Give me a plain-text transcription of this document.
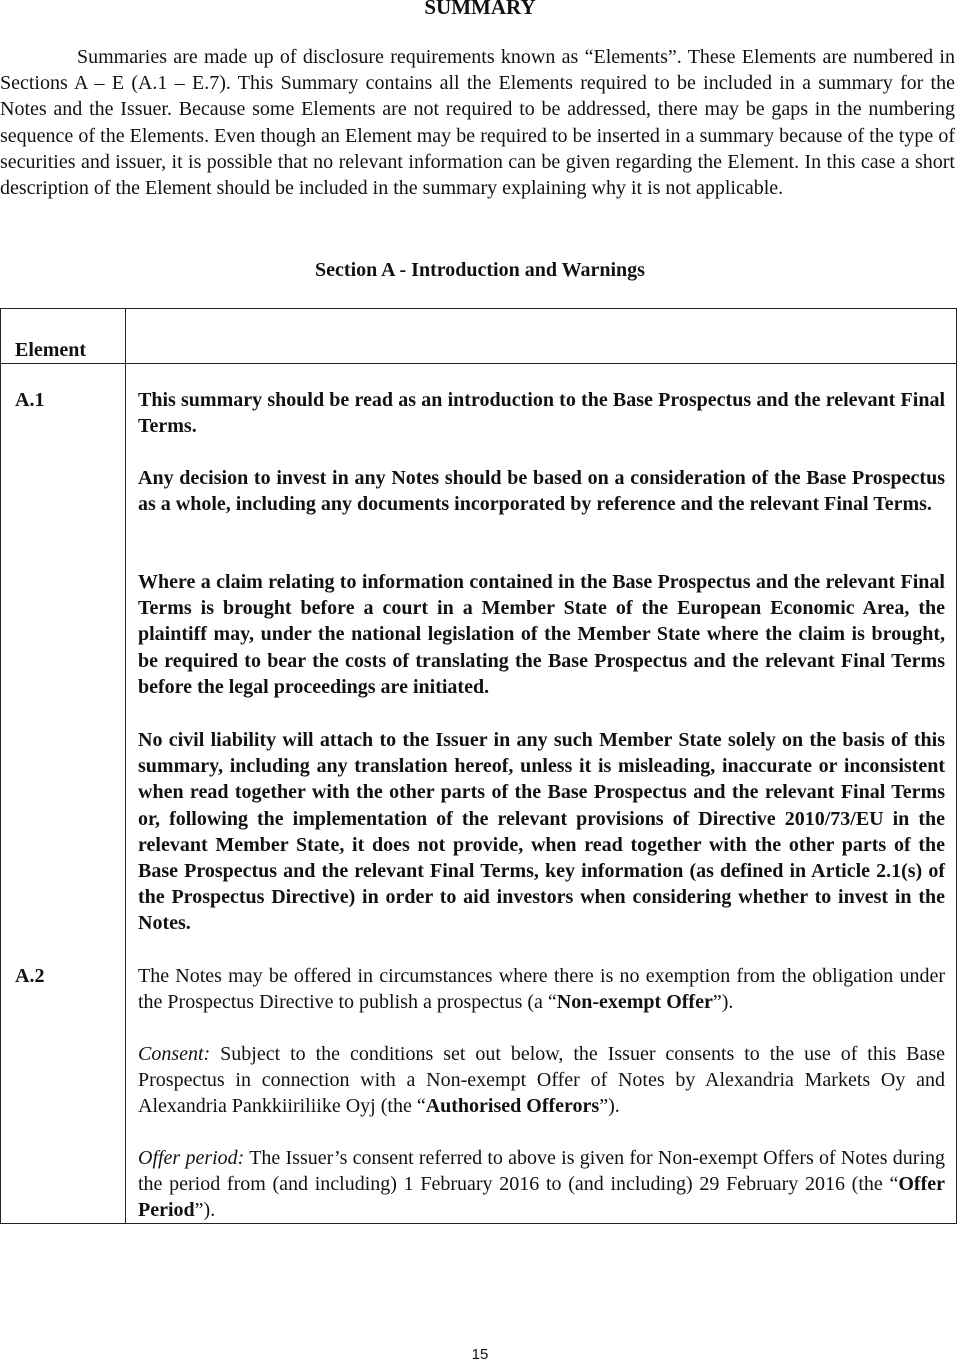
SUMMARY

Summaries are made up of disclosure requirements known as “Elements”. These Elements are numbered in Sections A – E (A.1 – E.7). This Summary contains all the Elements required to be included in a summary for the Notes and the Issuer. Because some Elements are not required to be addressed, there may be gaps in the numbering sequence of the Elements. Even though an Element may be required to be inserted in a summary because of the type of securities and issuer, it is possible that no relevant information can be given regarding the Element. In this case a short description of the Element should be included in the summary explaining why it is not applicable.

Section A - Introduction and Warnings
Element
A.1	This summary should be read as an introduction to the Base Prospectus and the relevant Final Terms.

Any decision to invest in any Notes should be based on a consideration of the Base Prospectus as a whole, including any documents incorporated by reference and the relevant Final Terms.

Where a claim relating to information contained in the Base Prospectus and the relevant Final Terms is brought before a court in a Member State of the European Economic Area, the plaintiff may, under the national legislation of the Member State where the claim is brought, be required to bear the costs of translating the Base Prospectus and the relevant Final Terms before the legal proceedings are initiated.

No civil liability will attach to the Issuer in any such Member State solely on the basis of this summary, including any translation hereof, unless it is misleading, inaccurate or inconsistent when read together with the other parts of the Base Prospectus and the relevant Final Terms or, following the implementation of the relevant provisions of Directive 2010/73/EU in the relevant Member State, it does not provide, when read together with the other parts of the Base Prospectus and the relevant Final Terms, key information (as defined in Article 2.1(s) of the Prospectus Directive) in order to aid investors when considering whether to invest in the Notes.

A.2	The Notes may be offered in circumstances where there is no exemption from the obligation under the Prospectus Directive to publish a prospectus (a “Non-exempt Offer”).

Consent: Subject to the conditions set out below, the Issuer consents to the use of this Base Prospectus in connection with a Non-exempt Offer of Notes by Alexandria Markets Oy and Alexandria Pankkiiriliike Oyj (the “Authorised Offerors”).

Offer period: The Issuer’s consent referred to above is given for Non-exempt Offers of Notes during the period from (and including) 1 February 2016 to (and including) 29 February 2016 (the “Offer Period”).

15
